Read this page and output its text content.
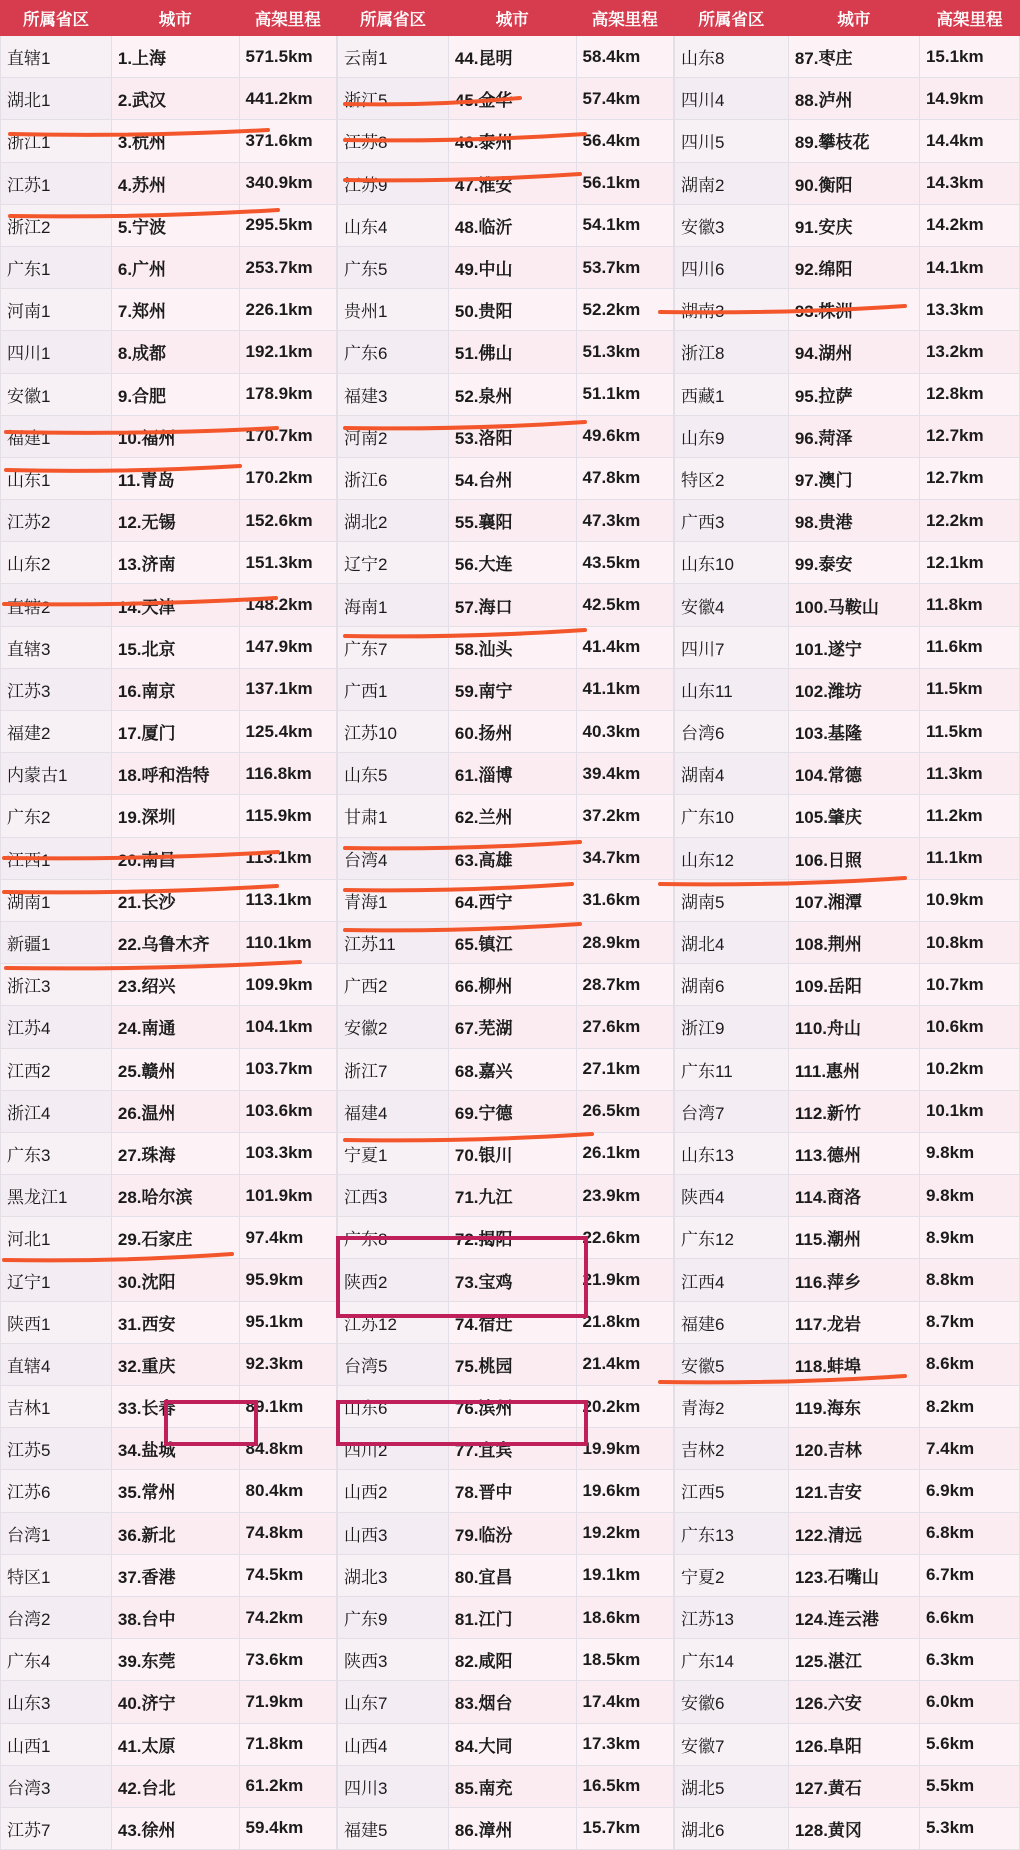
所属省区	城市	高架里程
直辖1	1.上海	571.5km
湖北1	2.武汉	441.2km
浙江1	3.杭州	371.6km
江苏1	4.苏州	340.9km
浙江2	5.宁波	295.5km
广东1	6.广州	253.7km
河南1	7.郑州	226.1km
四川1	8.成都	192.1km
安徽1	9.合肥	178.9km
福建1	10.福州	170.7km
山东1	11.青岛	170.2km
江苏2	12.无锡	152.6km
山东2	13.济南	151.3km
直辖2	14.天津	148.2km
直辖3	15.北京	147.9km
江苏3	16.南京	137.1km
福建2	17.厦门	125.4km
内蒙古1	18.呼和浩特	116.8km
广东2	19.深圳	115.9km
江西1	20.南昌	113.1km
湖南1	21.长沙	113.1km
新疆1	22.乌鲁木齐	110.1km
浙江3	23.绍兴	109.9km
江苏4	24.南通	104.1km
江西2	25.赣州	103.7km
浙江4	26.温州	103.6km
广东3	27.珠海	103.3km
黑龙江1	28.哈尔滨	101.9km
河北1	29.石家庄	97.4km
辽宁1	30.沈阳	95.9km
陕西1	31.西安	95.1km
直辖4	32.重庆	92.3km
吉林1	33.长春	89.1km
江苏5	34.盐城	84.8km
江苏6	35.常州	80.4km
台湾1	36.新北	74.8km
特区1	37.香港	74.5km
台湾2	38.台中	74.2km
广东4	39.东莞	73.6km
山东3	40.济宁	71.9km
山西1	41.太原	71.8km
台湾3	42.台北	61.2km
江苏7	43.徐州	59.4km
所属省区	城市	高架里程
云南1	44.昆明	58.4km
浙江5	45.金华	57.4km
江苏8	46.泰州	56.4km
江苏9	47.淮安	56.1km
山东4	48.临沂	54.1km
广东5	49.中山	53.7km
贵州1	50.贵阳	52.2km
广东6	51.佛山	51.3km
福建3	52.泉州	51.1km
河南2	53.洛阳	49.6km
浙江6	54.台州	47.8km
湖北2	55.襄阳	47.3km
辽宁2	56.大连	43.5km
海南1	57.海口	42.5km
广东7	58.汕头	41.4km
广西1	59.南宁	41.1km
江苏10	60.扬州	40.3km
山东5	61.淄博	39.4km
甘肃1	62.兰州	37.2km
台湾4	63.高雄	34.7km
青海1	64.西宁	31.6km
江苏11	65.镇江	28.9km
广西2	66.柳州	28.7km
安徽2	67.芜湖	27.6km
浙江7	68.嘉兴	27.1km
福建4	69.宁德	26.5km
宁夏1	70.银川	26.1km
江西3	71.九江	23.9km
广东8	72.揭阳	22.6km
陕西2	73.宝鸡	21.9km
江苏12	74.宿迁	21.8km
台湾5	75.桃园	21.4km
山东6	76.滨州	20.2km
四川2	77.宜宾	19.9km
山西2	78.晋中	19.6km
山西3	79.临汾	19.2km
湖北3	80.宜昌	19.1km
广东9	81.江门	18.6km
陕西3	82.咸阳	18.5km
山东7	83.烟台	17.4km
山西4	84.大同	17.3km
四川3	85.南充	16.5km
福建5	86.漳州	15.7km
所属省区	城市	高架里程
山东8	87.枣庄	15.1km
四川4	88.泸州	14.9km
四川5	89.攀枝花	14.4km
湖南2	90.衡阳	14.3km
安徽3	91.安庆	14.2km
四川6	92.绵阳	14.1km
湖南3	93.株洲	13.3km
浙江8	94.湖州	13.2km
西藏1	95.拉萨	12.8km
山东9	96.菏泽	12.7km
特区2	97.澳门	12.7km
广西3	98.贵港	12.2km
山东10	99.泰安	12.1km
安徽4	100.马鞍山	11.8km
四川7	101.遂宁	11.6km
山东11	102.潍坊	11.5km
台湾6	103.基隆	11.5km
湖南4	104.常德	11.3km
广东10	105.肇庆	11.2km
山东12	106.日照	11.1km
湖南5	107.湘潭	10.9km
湖北4	108.荆州	10.8km
湖南6	109.岳阳	10.7km
浙江9	110.舟山	10.6km
广东11	111.惠州	10.2km
台湾7	112.新竹	10.1km
山东13	113.德州	9.8km
陕西4	114.商洛	9.8km
广东12	115.潮州	8.9km
江西4	116.萍乡	8.8km
福建6	117.龙岩	8.7km
安徽5	118.蚌埠	8.6km
青海2	119.海东	8.2km
吉林2	120.吉林	7.4km
江西5	121.吉安	6.9km
广东13	122.清远	6.8km
宁夏2	123.石嘴山	6.7km
江苏13	124.连云港	6.6km
广东14	125.湛江	6.3km
安徽6	126.六安	6.0km
安徽7	126.阜阳	5.6km
湖北5	127.黄石	5.5km
湖北6	128.黄冈	5.3km
